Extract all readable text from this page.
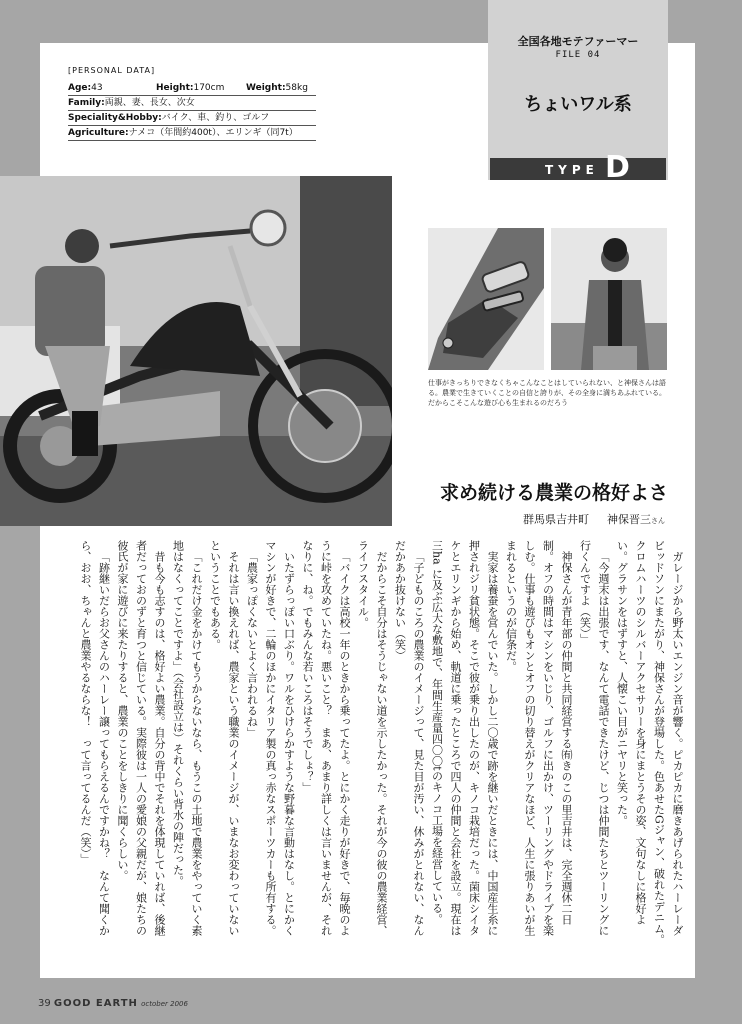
全国各地モテファーマー
FILE 04
ちょいワル系
TYPE D
[PERSONAL DATA]
Age:43	Height:170cm Weight:58kg
Family:両親、妻、長女、次女
Speciality&Hobby:バイク、車、釣り、ゴルフ
Agriculture:ナメコ（年間約400t）、エリンギ（同7t）
仕事がきっちりできなくちゃこんなことはしていられない、と神保さんは語る。農業で生きていくことの自信と誇りが、その全身に満ちあふれている。だからこそこんな遊び心も生まれるのだろう
求め続ける農業の格好よさ
群馬県吉井町 　 神保晋三さん

ガレージから野太いエンジン音が響く。ピカピカに磨きあげられたハーレーダビッドソンにまたがり、神保さんが登場した。色あせたGジャン、破れたデニム。クロムハーツのシルバーアクセサリーを身にまとうその姿、文句なしに格好よい。グラサンをはずすと、人懐こい目がニヤリと笑った。

「今週末は出張です、なんて電話できたけど、じつは仲間たちとツーリングに行くんですよ（笑）」

神保さんが青年部の仲間と共同経営する㈲きのこの里吉井は、完全週休二日制。オフの時間はマシンをいじり、ゴルフに出かけ、ツーリングやドライブを楽しむ。仕事も遊びもオンとオフの切り替えがクリアなほど、人生に張りあいが生まれるというのが信条だ。

実家は養蚕を営んでいた。しかし二〇歳で跡を継いだときには、中国産生糸に押されジリ貧状態。そこで彼が乗り出したのが、キノコ栽培だった。菌床シイタケとエリンギから始め、軌道に乗ったところで四人の仲間と会社を設立。現在は三ha に及ぶ広大な敷地で、年間生産量四〇〇tのキノコ工場を経営している。

「子どものころの農業のイメージって、見た目が汚い、休みがとれない、なんだかあか抜けない（笑）

だからこそ自分はそうじゃない道を示したかった。それが今の彼の農業経営、ライフスタイル。

「バイクは高校一年のときから乗ってたよ。とにかく走りが好きで、毎晩のように峠を攻めていたね。悪いこと？　まあ、あまり詳しくは言いませんが、それなりに、ね。でもみんな若いころはそうでしょ？」

いたずらっぽい口ぶり。ワルをひけらかすような野暮な言動はなし。とにかくマシンが好きで、二輪のほかにイタリア製の真っ赤なスポーツカーも所有する。

「農家っぽくないとよく言われるね」

それは言い換えれば、農家という職業のイメージが、いまなお変わっていないということでもある。

「これだけ金をかけてもうからないなら、もうこの土地で農業をやっていく素地はなくってことですよ」（会社設立は）それくらい背水の陣だった。

昔も今も志すのは、格好よい農業。自分の背中でそれを体現していれば、後継者だっておのずと育つと信じている。実際彼は一人の愛娘の父親だが、娘たちの彼氏が家に遊びに来たりすると、農業のことをしきりに聞くらしい。

「跡継いだらお父さんのハーレー譲ってもらえるんですかね？　なんて聞くから、おお、ちゃんと農業やるならな！　って言ってるんだ（笑）」

39 GOOD EARTH october 2006
